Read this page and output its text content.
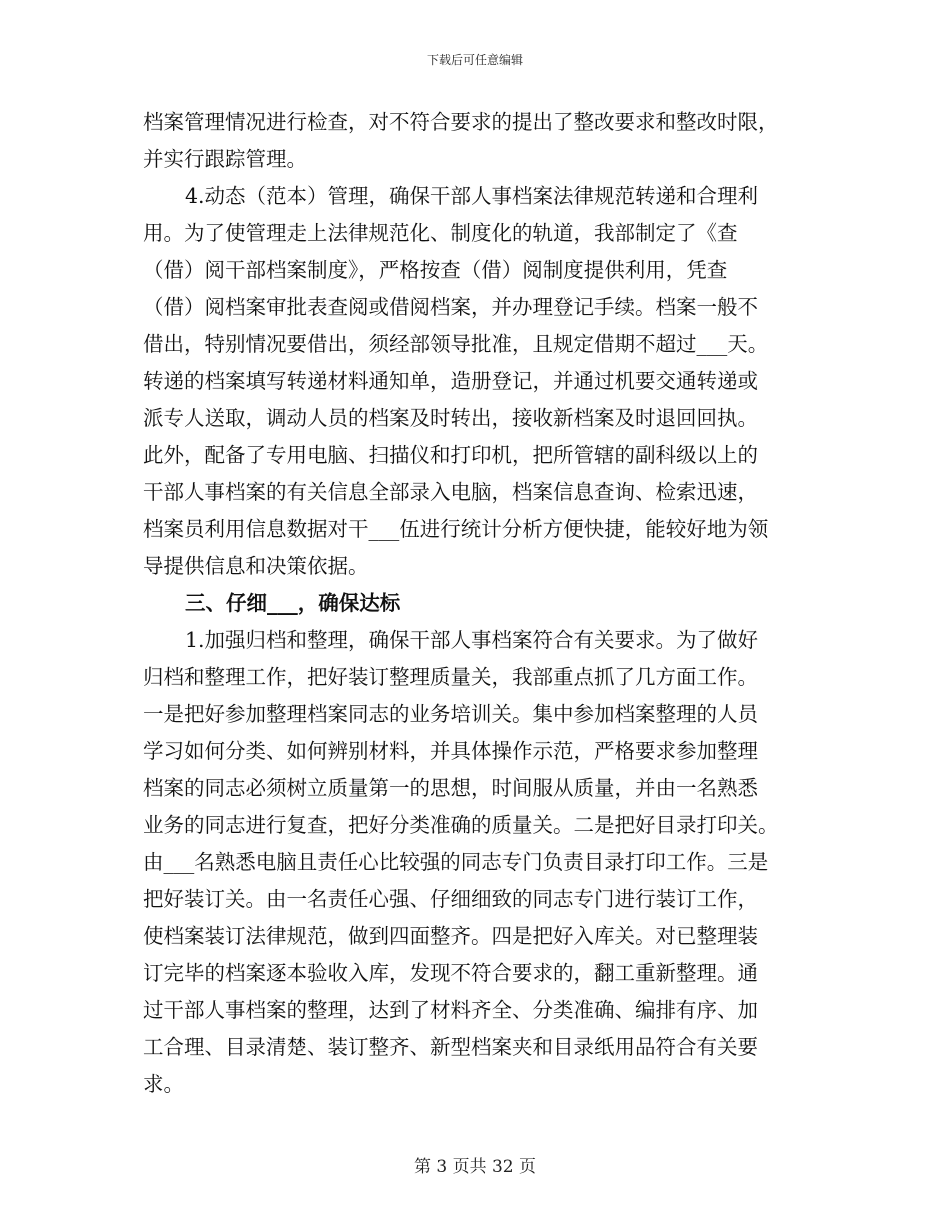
下载后可任意编辑
档案管理情况进行检查，对不符合要求的提出了整改要求和整改时限，
并实行跟踪管理。
4.动态（范本）管理，确保干部人事档案法律规范转递和合理利
用。为了使管理走上法律规范化、制度化的轨道，我部制定了《查
（借）阅干部档案制度》，严格按查（借）阅制度提供利用，凭查
（借）阅档案审批表查阅或借阅档案，并办理登记手续。档案一般不
借出，特别情况要借出，须经部领导批准，且规定借期不超过___天。
转递的档案填写转递材料通知单，造册登记，并通过机要交通转递或
派专人送取，调动人员的档案及时转出，接收新档案及时退回回执。
此外，配备了专用电脑、扫描仪和打印机，把所管辖的副科级以上的
干部人事档案的有关信息全部录入电脑，档案信息查询、检索迅速，
档案员利用信息数据对干___伍进行统计分析方便快捷，能较好地为领
导提供信息和决策依据。
三、仔细___，确保达标
1.加强归档和整理，确保干部人事档案符合有关要求。为了做好
归档和整理工作，把好装订整理质量关，我部重点抓了几方面工作。
一是把好参加整理档案同志的业务培训关。集中参加档案整理的人员
学习如何分类、如何辨别材料，并具体操作示范，严格要求参加整理
档案的同志必须树立质量第一的思想，时间服从质量，并由一名熟悉
业务的同志进行复查，把好分类准确的质量关。二是把好目录打印关。
由___名熟悉电脑且责任心比较强的同志专门负责目录打印工作。三是
把好装订关。由一名责任心强、仔细细致的同志专门进行装订工作，
使档案装订法律规范，做到四面整齐。四是把好入库关。对已整理装
订完毕的档案逐本验收入库，发现不符合要求的，翻工重新整理。通
过干部人事档案的整理，达到了材料齐全、分类准确、编排有序、加
工合理、目录清楚、装订整齐、新型档案夹和目录纸用品符合有关要
求。
第 3 页共 32 页
